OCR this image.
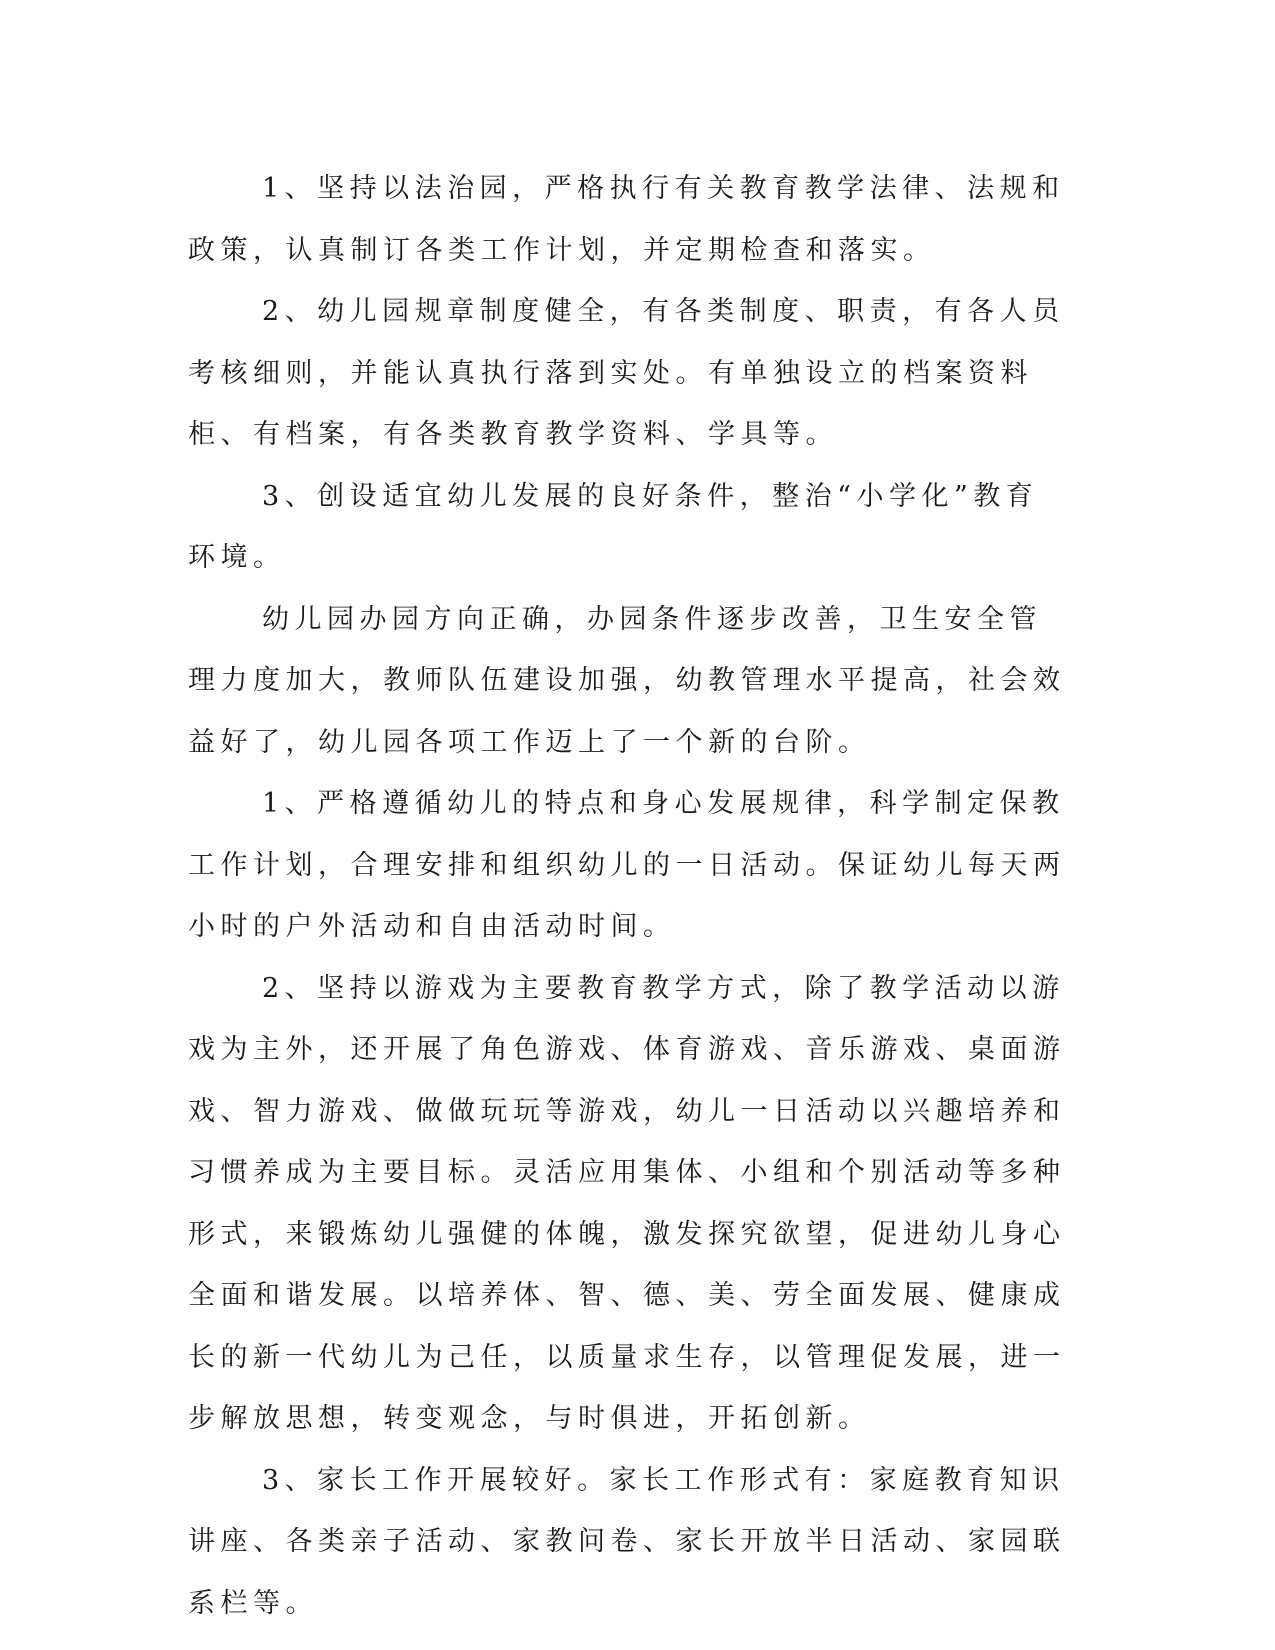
1、坚持以法治园，严格执行有关教育教学法律、法规和政策，认真制订各类工作计划，并定期检查和落实。

2、幼儿园规章制度健全，有各类制度、职责，有各人员考核细则，并能认真执行落到实处。有单独设立的档案资料柜、有档案，有各类教育教学资料、学具等。

3、创设适宜幼儿发展的良好条件，整治“小学化”教育环境。

幼儿园办园方向正确，办园条件逐步改善，卫生安全管理力度加大，教师队伍建设加强，幼教管理水平提高，社会效益好了，幼儿园各项工作迈上了一个新的台阶。

1、严格遵循幼儿的特点和身心发展规律，科学制定保教工作计划，合理安排和组织幼儿的一日活动。保证幼儿每天两小时的户外活动和自由活动时间。

2、坚持以游戏为主要教育教学方式，除了教学活动以游戏为主外，还开展了角色游戏、体育游戏、音乐游戏、桌面游戏、智力游戏、做做玩玩等游戏，幼儿一日活动以兴趣培养和习惯养成为主要目标。灵活应用集体、小组和个别活动等多种形式，来锻炼幼儿强健的体魄，激发探究欲望，促进幼儿身心全面和谐发展。以培养体、智、德、美、劳全面发展、健康成长的新一代幼儿为己任，以质量求生存，以管理促发展，进一步解放思想，转变观念，与时俱进，开拓创新。

3、家长工作开展较好。家长工作形式有：家庭教育知识讲座、各类亲子活动、家教问卷、家长开放半日活动、家园联系栏等。
